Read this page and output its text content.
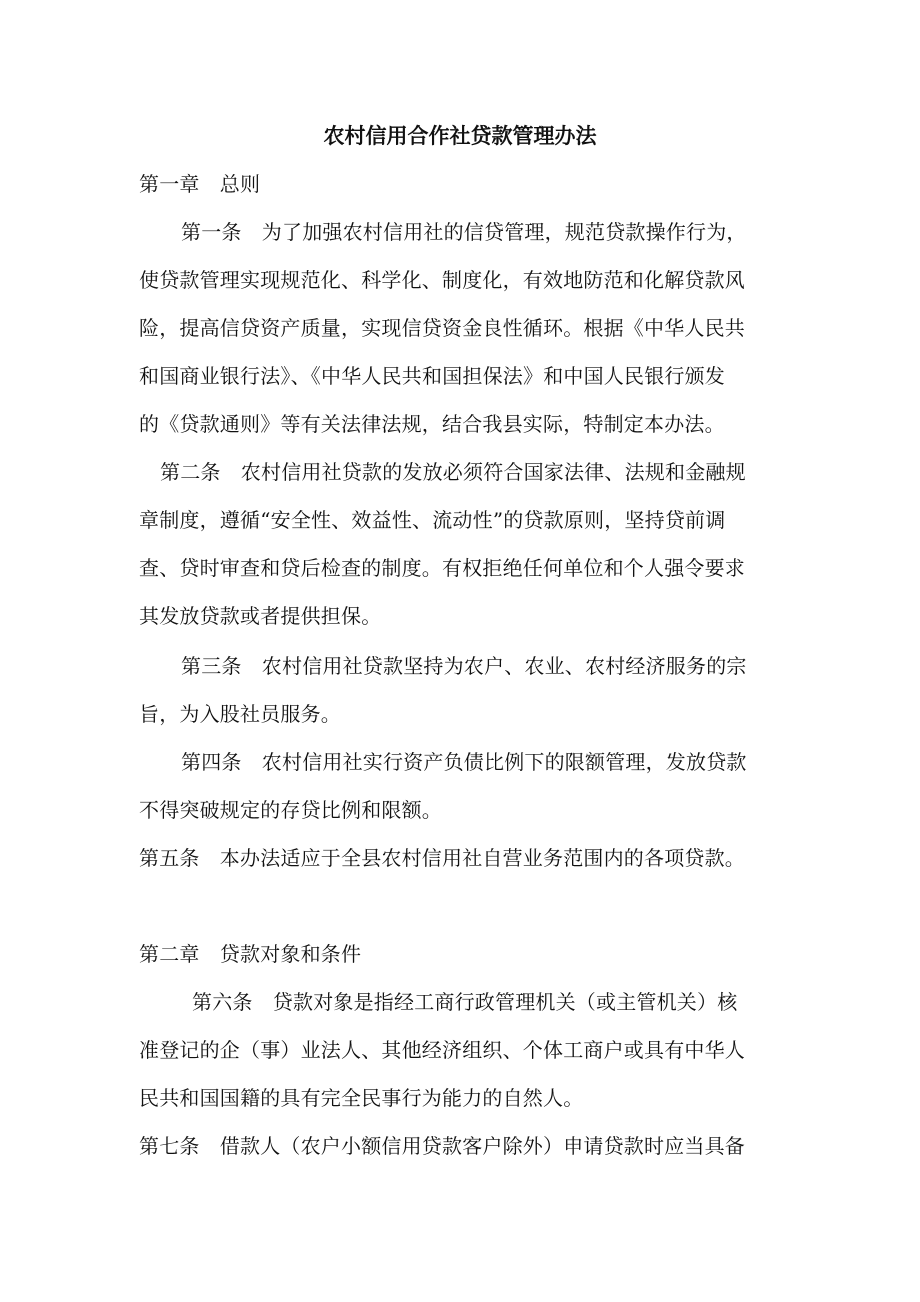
农村信用合作社贷款管理办法
第一章　总则
第一条　为了加强农村信用社的信贷管理，规范贷款操作行为，
使贷款管理实现规范化、科学化、制度化，有效地防范和化解贷款风
险，提高信贷资产质量，实现信贷资金良性循环。根据《中华人民共
和国商业银行法》、《中华人民共和国担保法》和中国人民银行颁发
的《贷款通则》等有关法律法规，结合我县实际，特制定本办法。
第二条　农村信用社贷款的发放必须符合国家法律、法规和金融规
章制度，遵循“安全性、效益性、流动性”的贷款原则，坚持贷前调
查、贷时审查和贷后检查的制度。有权拒绝任何单位和个人强令要求
其发放贷款或者提供担保。
第三条　农村信用社贷款坚持为农户、农业、农村经济服务的宗
旨，为入股社员服务。
第四条　农村信用社实行资产负债比例下的限额管理，发放贷款
不得突破规定的存贷比例和限额。
第五条　本办法适应于全县农村信用社自营业务范围内的各项贷款。
第二章　贷款对象和条件
第六条　贷款对象是指经工商行政管理机关（或主管机关）核
准登记的企（事）业法人、其他经济组织、个体工商户或具有中华人
民共和国国籍的具有完全民事行为能力的自然人。
第七条　借款人（农户小额信用贷款客户除外）申请贷款时应当具备
